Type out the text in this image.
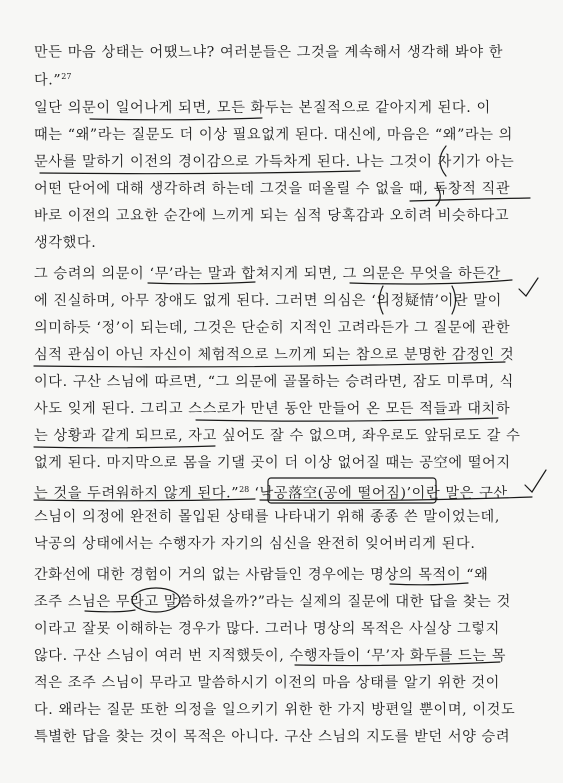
만든 마음 상태는 어땠느냐? 여러분들은 그것을 계속해서 생각해 봐야 한
다.”$^{27}$
일단 의문이 일어나게 되면, 모든 화두는 본질적으로 같아지게 된다. 이
때는 “왜”라는 질문도 더 이상 필요없게 된다. 대신에, 마음은 “왜”라는 의
문사를 말하기 이전의 경이감으로 가득차게 된다. 나는 그것이 자기가 아는
어떤 단어에 대해 생각하려 하는데 그것을 떠올릴 수 없을 때, 독창적 직관
바로 이전의 고요한 순간에 느끼게 되는 심적 당혹감과 오히려 비슷하다고
생각했다.
그 승려의 의문이 ‘무’라는 말과 합쳐지게 되면, 그 의문은 무엇을 하든간
에 진실하며, 아무 장애도 없게 된다. 그러면 의심은 ‘의정疑情’이란 말이
의미하듯 ‘정’이 되는데, 그것은 단순히 지적인 고려라든가 그 질문에 관한
심적 관심이 아닌 자신이 체험적으로 느끼게 되는 참으로 분명한 감정인 것
이다. 구산 스님에 따르면, “그 의문에 골몰하는 승려라면, 잠도 미루며, 식
사도 잊게 된다. 그리고 스스로가 만년 동안 만들어 온 모든 적들과 대치하
는 상황과 같게 되므로, 자고 싶어도 잘 수 없으며, 좌우로도 앞뒤로도 갈 수
없게 된다. 마지막으로 몸을 기댈 곳이 더 이상 없어질 때는 공空에 떨어지
는 것을 두려워하지 않게 된다.”$^{28}$ ‘낙공落空(공에 떨어짐)’이란 말은 구산
스님이 의정에 완전히 몰입된 상태를 나타내기 위해 종종 쓴 말이었는데,
낙공의 상태에서는 수행자가 자기의 심신을 완전히 잊어버리게 된다.
간화선에 대한 경험이 거의 없는 사람들인 경우에는 명상의 목적이 “왜
조주 스님은 무라고 말씀하셨을까?”라는 실제의 질문에 대한 답을 찾는 것
이라고 잘못 이해하는 경우가 많다. 그러나 명상의 목적은 사실상 그렇지
않다. 구산 스님이 여러 번 지적했듯이, 수행자들이 ‘무’자 화두를 드는 목
적은 조주 스님이 무라고 말씀하시기 이전의 마음 상태를 알기 위한 것이
다. 왜라는 질문 또한 의정을 일으키기 위한 한 가지 방편일 뿐이며, 이것도
특별한 답을 찾는 것이 목적은 아니다. 구산 스님의 지도를 받던 서양 승려
